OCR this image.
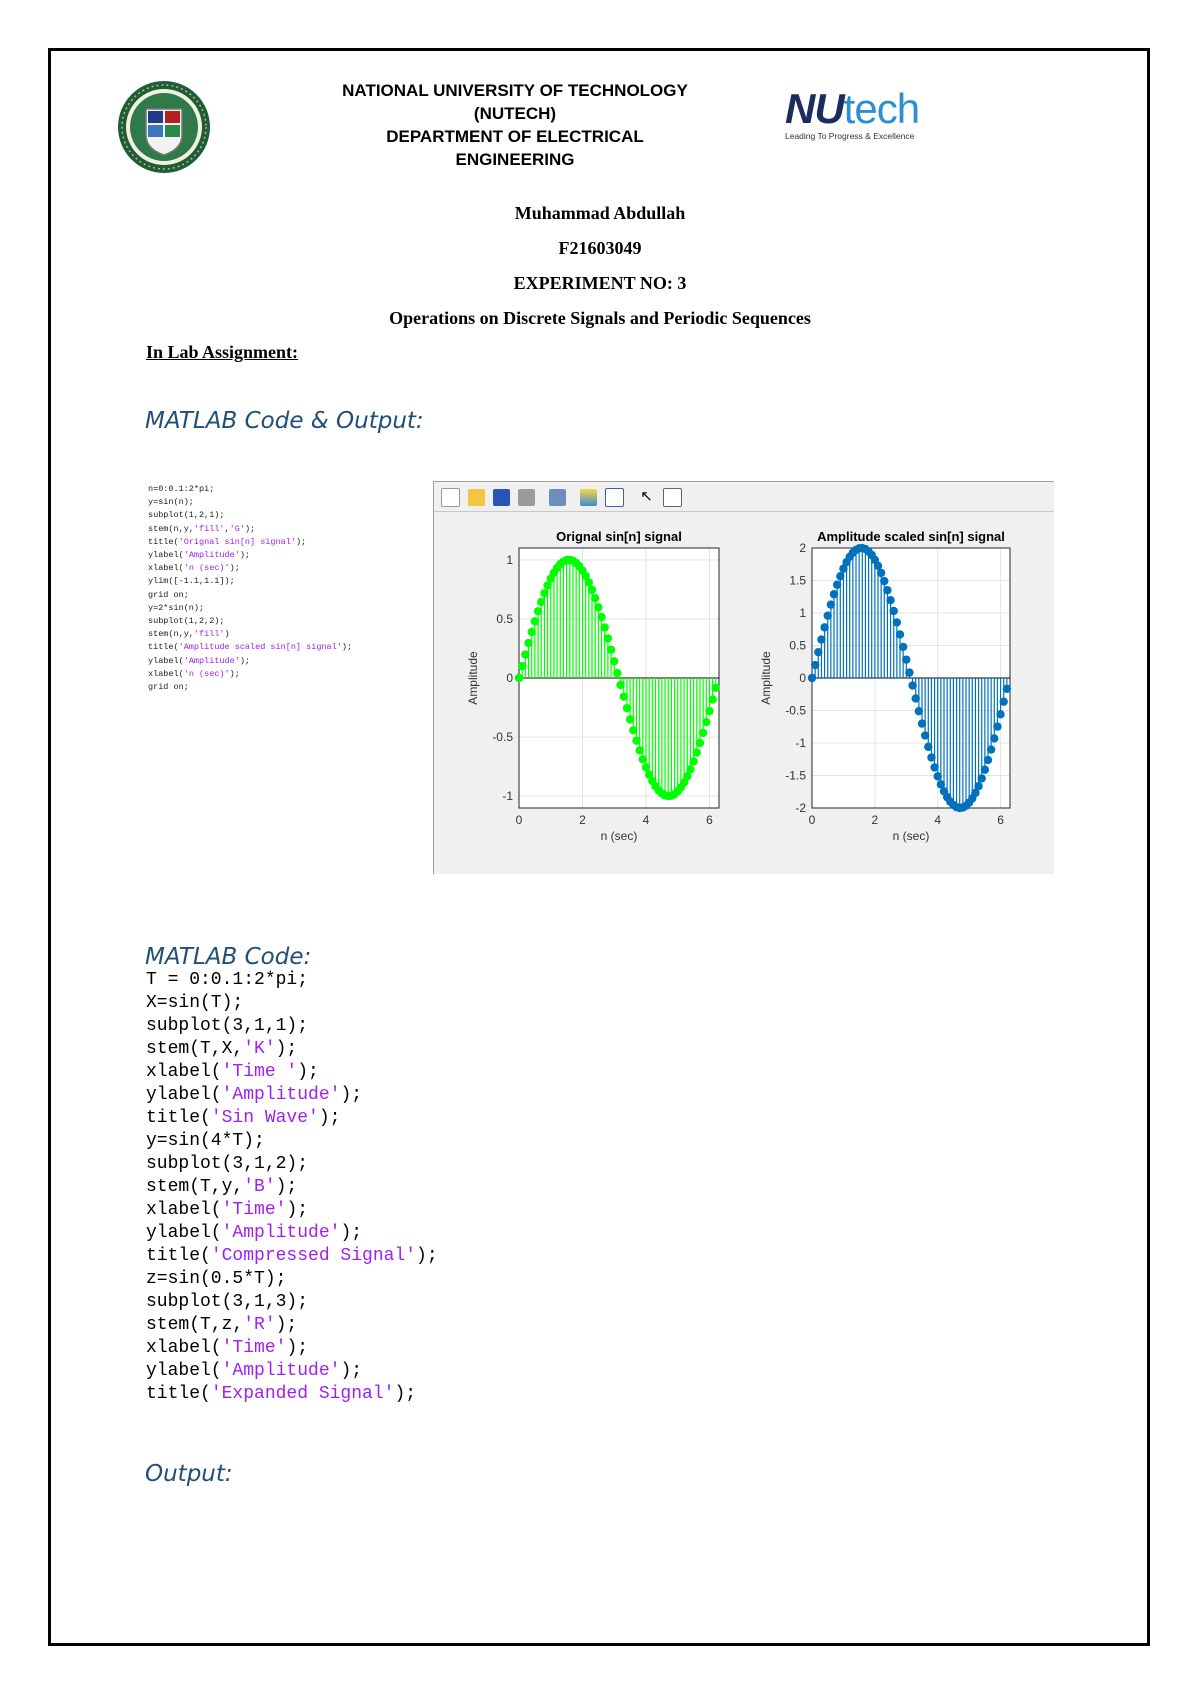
NATIONAL UNIVERSITY OF TECHNOLOGY
(NUTECH)
DEPARTMENT OF ELECTRICAL
ENGINEERING
NUtech
Leading To Progress & Excellence
Muhammad Abdullah
F21603049
EXPERIMENT NO: 3
Operations on Discrete Signals and Periodic Sequences
In Lab Assignment:
MATLAB Code & Output:
n=0:0.1:2*pi;
y=sin(n);
subplot(1,2,1);
stem(n,y,'fill','G');
title('Orignal sin[n] signal');
ylabel('Amplitude');
xlabel('n (sec)');
ylim([-1.1,1.1]);
grid on;
y=2*sin(n);
subplot(1,2,2);
stem(n,y,'fill')
title('Amplitude scaled sin[n] signal');
ylabel('Amplitude');
xlabel('n (sec)');
grid on;
↖
0	2	4	6
-1
-0.5
0
0.5
1
Orignal sin[n] signal
n (sec)
Amplitude
0	2	4	6
-2
-1.5
-1
-0.5
0
0.5
1
1.5
2
Amplitude scaled sin[n] signal
n (sec)
Amplitude
MATLAB Code:
T = 0:0.1:2*pi;
X=sin(T);
subplot(3,1,1);
stem(T,X,'K');
xlabel('Time ');
ylabel('Amplitude');
title('Sin Wave');
y=sin(4*T);
subplot(3,1,2);
stem(T,y,'B');
xlabel('Time');
ylabel('Amplitude');
title('Compressed Signal');
z=sin(0.5*T);
subplot(3,1,3);
stem(T,z,'R');
xlabel('Time');
ylabel('Amplitude');
title('Expanded Signal');
Output:
